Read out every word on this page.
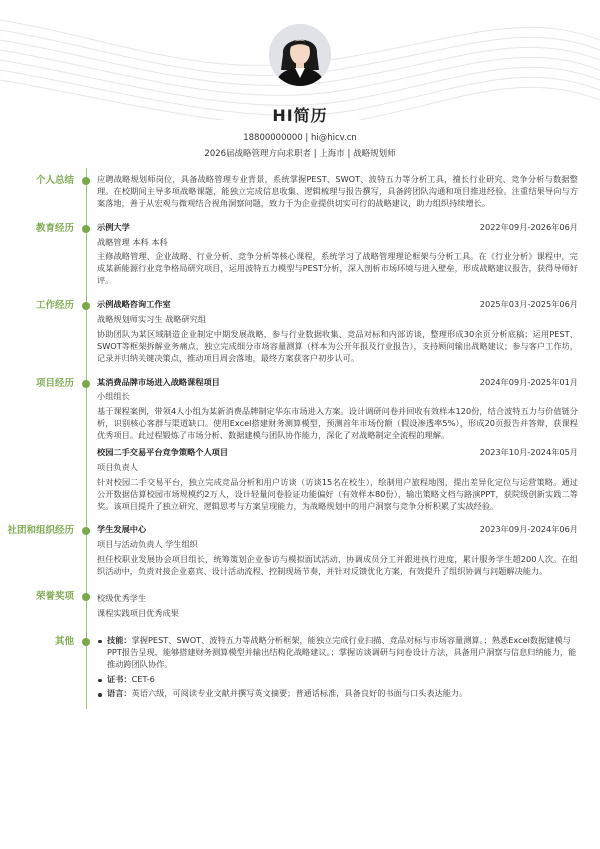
HI简历
18800000000 | hi@hicv.cn
2026届战略管理方向求职者 | 上海市 | 战略规划师
个人总结	应聘战略规划师岗位，具备战略管理专业背景，系统掌握PEST、SWOT、波特五力等分析工具，擅长行业研究、竞争分析与数据整理。在校期间主导多项战略课题，能独立完成信息收集、逻辑梳理与报告撰写，具备跨团队沟通和项目推进经验。注重结果导向与方案落地，善于从宏观与微观结合视角洞察问题，致力于为企业提供切实可行的战略建议，助力组织持续增长。
教育经历	示例大学	2022年09月-2026年06月
战略管理 本科 本科
主修战略管理、企业战略、行业分析、竞争分析等核心课程，系统学习了战略管理理论框架与分析工具。在《行业分析》课程中，完成某新能源行业竞争格局研究项目，运用波特五力模型与PEST分析，深入剖析市场环境与进入壁垒，形成战略建议报告，获得导师好评。
工作经历	示例战略咨询工作室	2025年03月-2025年06月
战略规划师实习生 战略研究组
协助团队为某区域制造企业制定中期发展战略，参与行业数据收集、竞品对标和内部访谈，整理形成30余页分析底稿；运用PEST、SWOT等框架拆解业务痛点，独立完成细分市场容量测算（样本为公开年报及行业报告），支持顾问输出战略建议；参与客户工作坊，记录并归纳关键决策点，推动项目周会落地，最终方案获客户初步认可。
项目经历	某消费品牌市场进入战略课程项目	2024年09月-2025年01月
小组组长
基于课程案例，带领4人小组为某新消费品牌制定华东市场进入方案。设计调研问卷并回收有效样本120份，结合波特五力与价值链分析，识别核心客群与渠道缺口。使用Excel搭建财务测算模型，预测首年市场份额（假设渗透率5%），形成20页报告并答辩，获课程优秀项目。此过程锻炼了市场分析、数据建模与团队协作能力，深化了对战略制定全流程的理解。
校园二手交易平台竞争策略个人项目	2023年10月-2024年05月
项目负责人
针对校园二手交易平台，独立完成竞品分析和用户访谈（访谈15名在校生），绘制用户旅程地图，提出差异化定位与运营策略。通过公开数据估算校园市场规模约2万人，设计轻量问卷验证功能偏好（有效样本80份），输出策略文档与路演PPT，获院级创新实践二等奖。该项目提升了独立研究、逻辑思考与方案呈现能力，为战略规划中的用户洞察与竞争分析积累了实战经验。
社团和组织经历	学生发展中心	2023年09月-2024年06月
项目与活动负责人 学生组织
担任校职业发展协会项目组长，统筹策划企业参访与模拟面试活动，协调成员分工并跟进执行进度，累计服务学生超200人次。在组织活动中，负责对接企业嘉宾、设计活动流程、控制现场节奏，并针对反馈优化方案，有效提升了组织协调与问题解决能力。
荣誉奖项	校级优秀学生
课程实践项目优秀成果
其他	技能：掌握PEST、SWOT、波特五力等战略分析框架，能独立完成行业扫描、竞品对标与市场容量测算。；熟悉Excel数据建模与PPT报告呈现，能够搭建财务测算模型并输出结构化战略建议。；掌握访谈调研与问卷设计方法，具备用户洞察与信息归纳能力，能推动跨团队协作。
证书：CET-6
语言：英语六级，可阅读专业文献并撰写英文摘要；普通话标准，具备良好的书面与口头表达能力。
